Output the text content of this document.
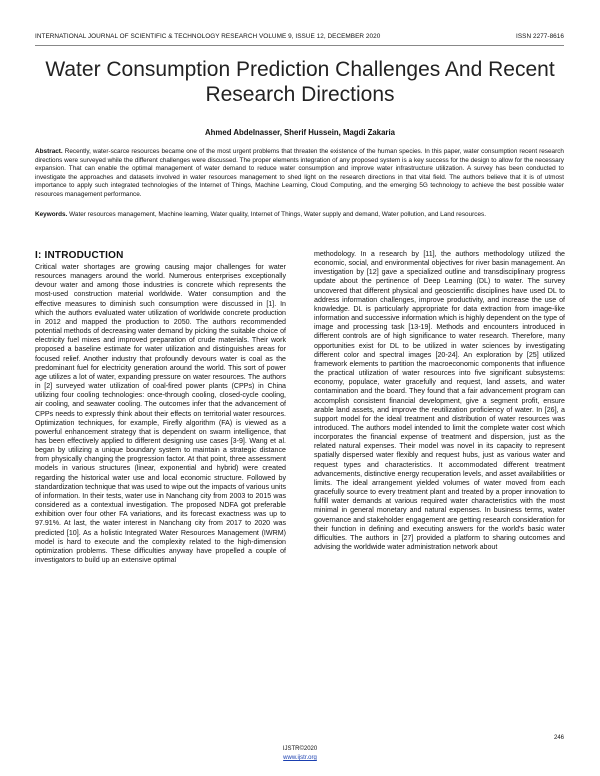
INTERNATIONAL JOURNAL OF SCIENTIFIC & TECHNOLOGY RESEARCH VOLUME 9, ISSUE 12, DECEMBER 2020	ISSN 2277-8616
Water Consumption Prediction Challenges And Recent Research Directions
Ahmed Abdelnasser, Sherif Hussein, Magdi Zakaria

Abstract. Recently, water-scarce resources became one of the most urgent problems that threaten the existence of the human species. In this paper, water consumption recent research directions were surveyed while the different challenges were discussed. The proper elements integration of any proposed system is a key success for the design to allow for the necessary expansion. That can enable the optimal management of water demand to reduce water consumption and improve water infrastructure utilization. A survey has been conducted to investigate the approaches and datasets involved in water resources management to shed light on the research directions in that vital field. The authors believe that it is of utmost importance to apply such integrated technologies of the Internet of Things, Machine Learning, Cloud Computing, and the emerging 5G technology to achieve the best possible water resources management performance.

Keywords. Water resources management, Machine learning, Water quality, Internet of Things, Water supply and demand, Water pollution, and Land resources.

I: INTRODUCTION

Critical water shortages are growing causing major challenges for water resources managers around the world. Numerous enterprises exceptionally devour water and among those industries is concrete which represents the most-used construction material worldwide. Water consumption and the effective measures to diminish such consumption were discussed in [1]. In which the authors evaluated water utilization of worldwide concrete production in 2012 and mapped the production to 2050. The authors recommended potential methods of decreasing water demand by picking the suitable choice of electricity fuel mixes and improved preparation of crude materials. Their work proposed a baseline estimate for water utilization and distinguishes areas for focused relief. Another industry that profoundly devours water is coal as the predominant fuel for electricity generation around the world. This sort of power age utilizes a lot of water, expanding pressure on water resources. The authors in [2] surveyed water utilization of coal-fired power plants (CPPs) in China utilizing four cooling technologies: once-through cooling, closed-cycle cooling, air cooling, and seawater cooling. The outcomes infer that the advancement of CPPs needs to expressly think about their effects on territorial water resources. Optimization techniques, for example, Firefly algorithm (FA) is viewed as a powerful enhancement strategy that is dependent on swarm intelligence, that has been effectively applied to different designing use cases [3-9]. Wang et al. began by utilizing a unique boundary system to maintain a strategic distance from physically changing the progression factor. At that point, three assessment models in various structures (linear, exponential and hybrid) were created regarding the historical water use and local economic structure. Followed by standardization technique that was used to wipe out the impacts of various units of information. In their tests, water use in Nanchang city from 2003 to 2015 was considered as a contextual investigation. The proposed NDFA got preferable exhibition over four other FA variations, and its forecast exactness was up to 97.91%. At last, the water interest in Nanchang city from 2017 to 2020 was predicted [10]. As a holistic Integrated Water Resources Management (IWRM) model is hard to execute and the complexity related to the high-dimension optimization problems. These difficulties anyway have propelled a couple of investigators to build up an extensive optimal

methodology. In a research by [11], the authors methodology utilized the economic, social, and environmental objectives for river basin management. An investigation by [12] gave a specialized outline and transdisciplinary progress update about the pertinence of Deep Learning (DL) to water. The survey uncovered that different physical and geoscientific disciplines have used DL to address information challenges, improve productivity, and increase the use of knowledge. DL is particularly appropriate for data extraction from image-like information and successive information which is highly dependent on the type of image and processing task [13-19]. Methods and encounters introduced in different controls are of high significance to water research. Therefore, many opportunities exist for DL to be utilized in water sciences by investigating different color and spectral images [20-24]. An exploration by [25] utilized framework elements to partition the macroeconomic components that influence the practical utilization of water resources into five significant subsystems: economy, populace, water gracefully and request, land assets, and water contamination and the board. They found that a fair advancement program can accomplish consistent financial development, give a segment profit, ensure arable land assets, and improve the reutilization proficiency of water. In [26], a support model for the ideal treatment and distribution of water resources was introduced. The authors model intended to limit the complete water cost which incorporates the financial expense of treatment and dispersion, just as the related natural expenses. Their model was novel in its capacity to represent spatially dispersed water flexibly and request hubs, just as various water and request types and characteristics. It accommodated different treatment advancements, distinctive energy recuperation levels, and asset availabilities or limits. The ideal arrangement yielded volumes of water moved from each gracefully source to every treatment plant and treated by a proper innovation to fulfill water demands at various required water characteristics with the most minimal in general monetary and natural expenses. In business terms, water governance and stakeholder engagement are getting research consideration for their function in defining and executing answers for the world's basic water difficulties. The authors in [27] provided a platform to sharing outcomes and advising the worldwide water administration network about

246
IJSTR©2020
www.ijstr.org
